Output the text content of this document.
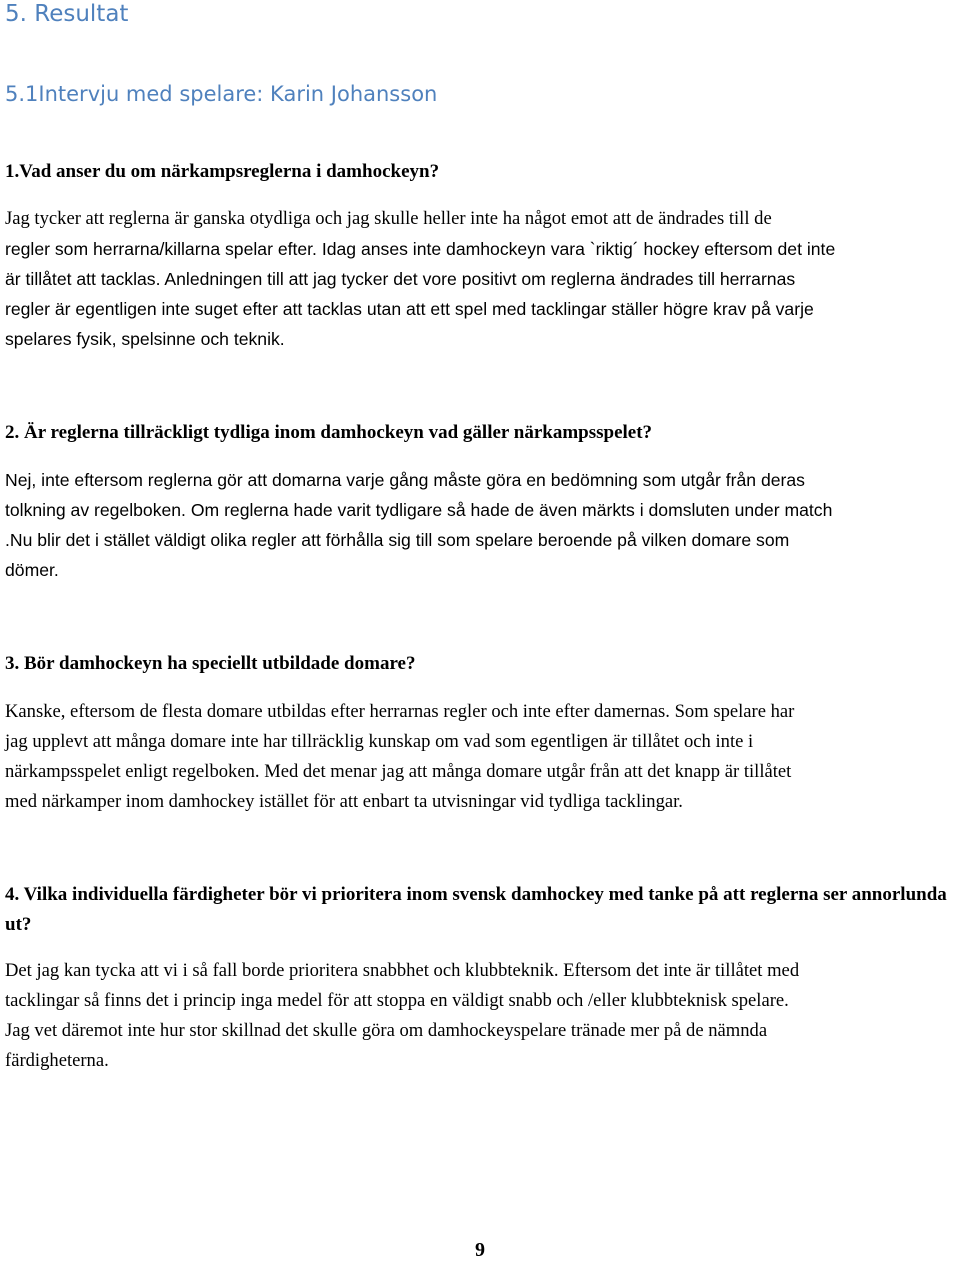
5. Resultat
5.1Intervju med spelare: Karin Johansson

1.Vad anser du om närkampsreglerna i damhockeyn?

Jag tycker att reglerna är ganska otydliga och jag skulle heller inte ha något emot att de ändrades till de
regler som herrarna/killarna spelar efter. Idag anses inte damhockeyn vara `riktig´ hockey eftersom det inte
är tillåtet att tacklas. Anledningen till att jag tycker det vore positivt om reglerna ändrades till herrarnas
regler är egentligen inte suget efter att tacklas utan att ett spel med tacklingar ställer högre krav på varje
spelares fysik, spelsinne och teknik.

2. Är reglerna tillräckligt tydliga inom damhockeyn vad gäller närkampsspelet?

Nej, inte eftersom reglerna gör att domarna varje gång måste göra en bedömning som utgår från deras
tolkning av regelboken. Om reglerna hade varit tydligare så hade de även märkts i domsluten under match
.Nu blir det i stället väldigt olika regler att förhålla sig till som spelare beroende på vilken domare som
dömer.

3. Bör damhockeyn ha speciellt utbildade domare?

Kanske, eftersom de flesta domare utbildas efter herrarnas regler och inte efter damernas. Som spelare har
jag upplevt att många domare inte har tillräcklig kunskap om vad som egentligen är tillåtet och inte i
närkampsspelet enligt regelboken. Med det menar jag att många domare utgår från att det knapp är tillåtet
med närkamper inom damhockey istället för att enbart ta utvisningar vid tydliga tacklingar.

4. Vilka individuella färdigheter bör vi prioritera inom svensk damhockey med tanke på att reglerna ser annorlunda ut?

Det jag kan tycka att vi i så fall borde prioritera snabbhet och klubbteknik. Eftersom det inte är tillåtet med
tacklingar så finns det i princip inga medel för att stoppa en väldigt snabb och /eller klubbteknisk spelare.
Jag vet däremot inte hur stor skillnad det skulle göra om damhockeyspelare tränade mer på de nämnda
färdigheterna.
9
